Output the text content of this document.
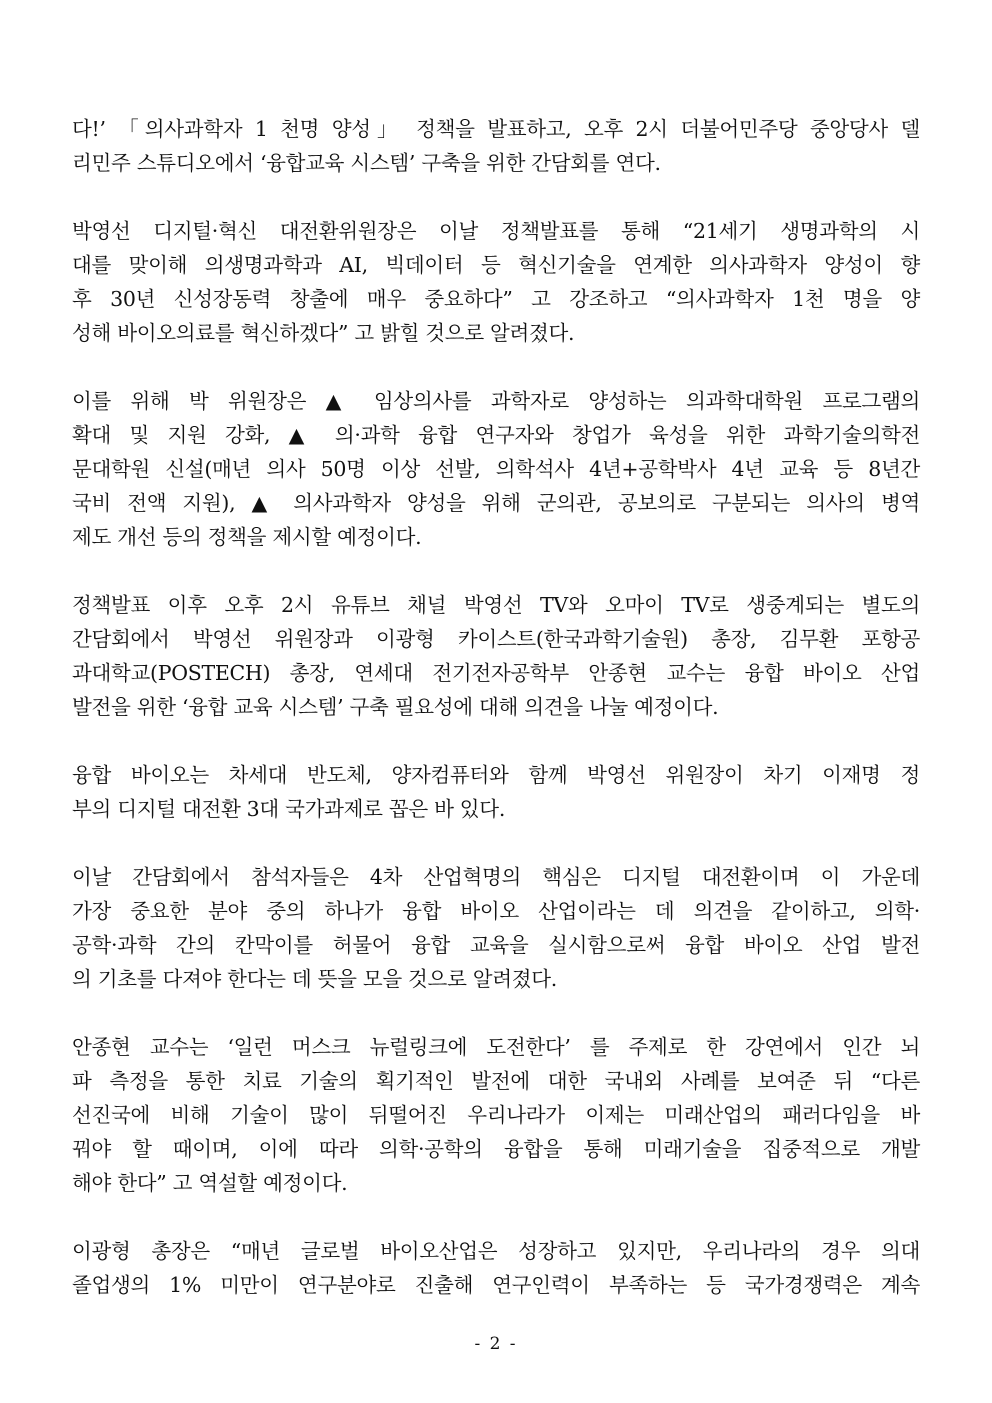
다!’ 「의사과학자 1 천명 양성」 정책을 발표하고, 오후 2시 더불어민주당 중앙당사 델
리민주 스튜디오에서 ‘융합교육 시스템’ 구축을 위한 간담회를 연다.
박영선 디지털·혁신 대전환위원장은 이날 정책발표를 통해 “21세기 생명과학의 시
대를 맞이해 의생명과학과 AI, 빅데이터 등 혁신기술을 연계한 의사과학자 양성이 향
후 30년 신성장동력 창출에 매우 중요하다” 고 강조하고 “의사과학자 1천 명을 양
성해 바이오의료를 혁신하겠다” 고 밝힐 것으로 알려졌다.
이를 위해 박 위원장은 ▲ 임상의사를 과학자로 양성하는 의과학대학원 프로그램의
확대 및 지원 강화, ▲ 의·과학 융합 연구자와 창업가 육성을 위한 과학기술의학전
문대학원 신설(매년 의사 50명 이상 선발, 의학석사 4년+공학박사 4년 교육 등 8년간
국비 전액 지원), ▲ 의사과학자 양성을 위해 군의관, 공보의로 구분되는 의사의 병역
제도 개선 등의 정책을 제시할 예정이다.
정책발표 이후 오후 2시 유튜브 채널 박영선 TV와 오마이 TV로 생중계되는 별도의
간담회에서 박영선 위원장과 이광형 카이스트(한국과학기술원) 총장, 김무환 포항공
과대학교(POSTECH) 총장, 연세대 전기전자공학부 안종현 교수는 융합 바이오 산업
발전을 위한 ‘융합 교육 시스템’ 구축 필요성에 대해 의견을 나눌 예정이다.
융합 바이오는 차세대 반도체, 양자컴퓨터와 함께 박영선 위원장이 차기 이재명 정
부의 디지털 대전환 3대 국가과제로 꼽은 바 있다.
이날 간담회에서 참석자들은 4차 산업혁명의 핵심은 디지털 대전환이며 이 가운데
가장 중요한 분야 중의 하나가 융합 바이오 산업이라는 데 의견을 같이하고, 의학·
공학·과학 간의 칸막이를 허물어 융합 교육을 실시함으로써 융합 바이오 산업 발전
의 기초를 다져야 한다는 데 뜻을 모을 것으로 알려졌다.
안종현 교수는 ‘일런 머스크 뉴럴링크에 도전한다’ 를 주제로 한 강연에서 인간 뇌
파 측정을 통한 치료 기술의 획기적인 발전에 대한 국내외 사례를 보여준 뒤 “다른
선진국에 비해 기술이 많이 뒤떨어진 우리나라가 이제는 미래산업의 패러다임을 바
꿔야 할 때이며, 이에 따라 의학·공학의 융합을 통해 미래기술을 집중적으로 개발
해야 한다” 고 역설할 예정이다.
이광형 총장은 “매년 글로벌 바이오산업은 성장하고 있지만, 우리나라의 경우 의대
졸업생의 1% 미만이 연구분야로 진출해 연구인력이 부족하는 등 국가경쟁력은 계속
- 2 -
